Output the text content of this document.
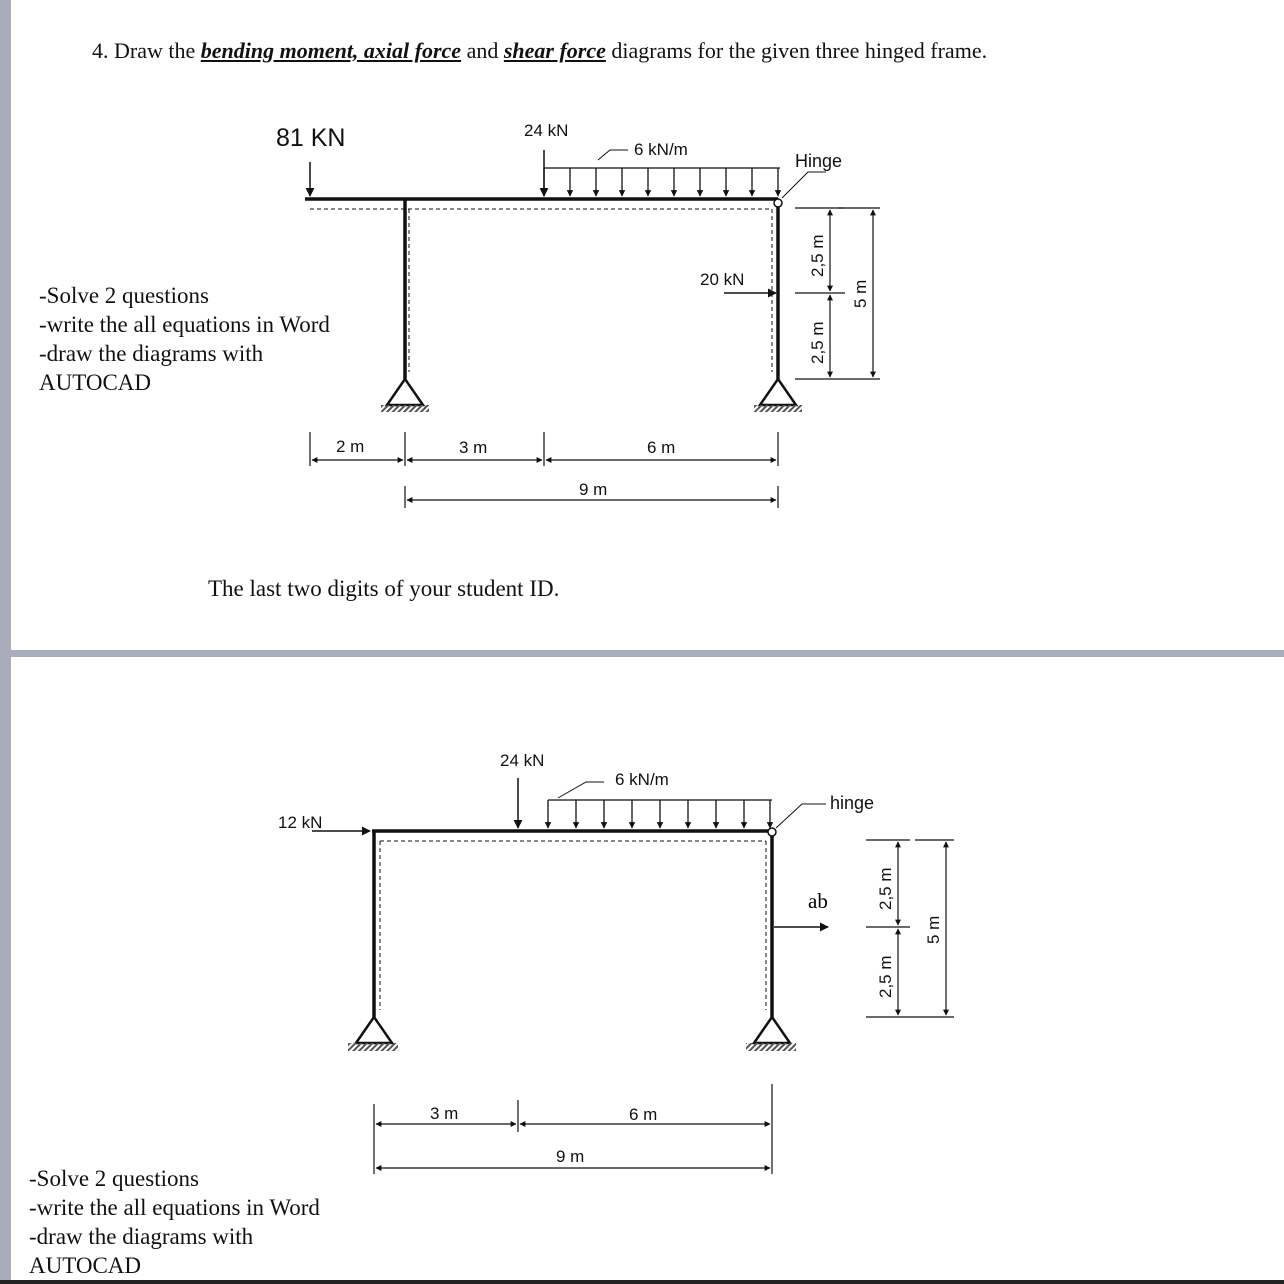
4. Draw the bending moment, axial force and shear force diagrams for the given three hinged frame.
-Solve 2 questions
-write the all equations in Word
-draw the diagrams with
AUTOCAD
The last two digits of your student ID.
-Solve 2 questions
-write the all equations in Word
-draw the diagrams with
AUTOCAD
81 KN	24 kN
6 kN/m
Hinge
20 kN
2 m	3 m	6 m
9 m
2,5 m
2,5 m
5 m
12 kN
24 kN
6 kN/m
hinge
ab
3 m	6 m
9 m
2,5 m
2,5 m
5 m
